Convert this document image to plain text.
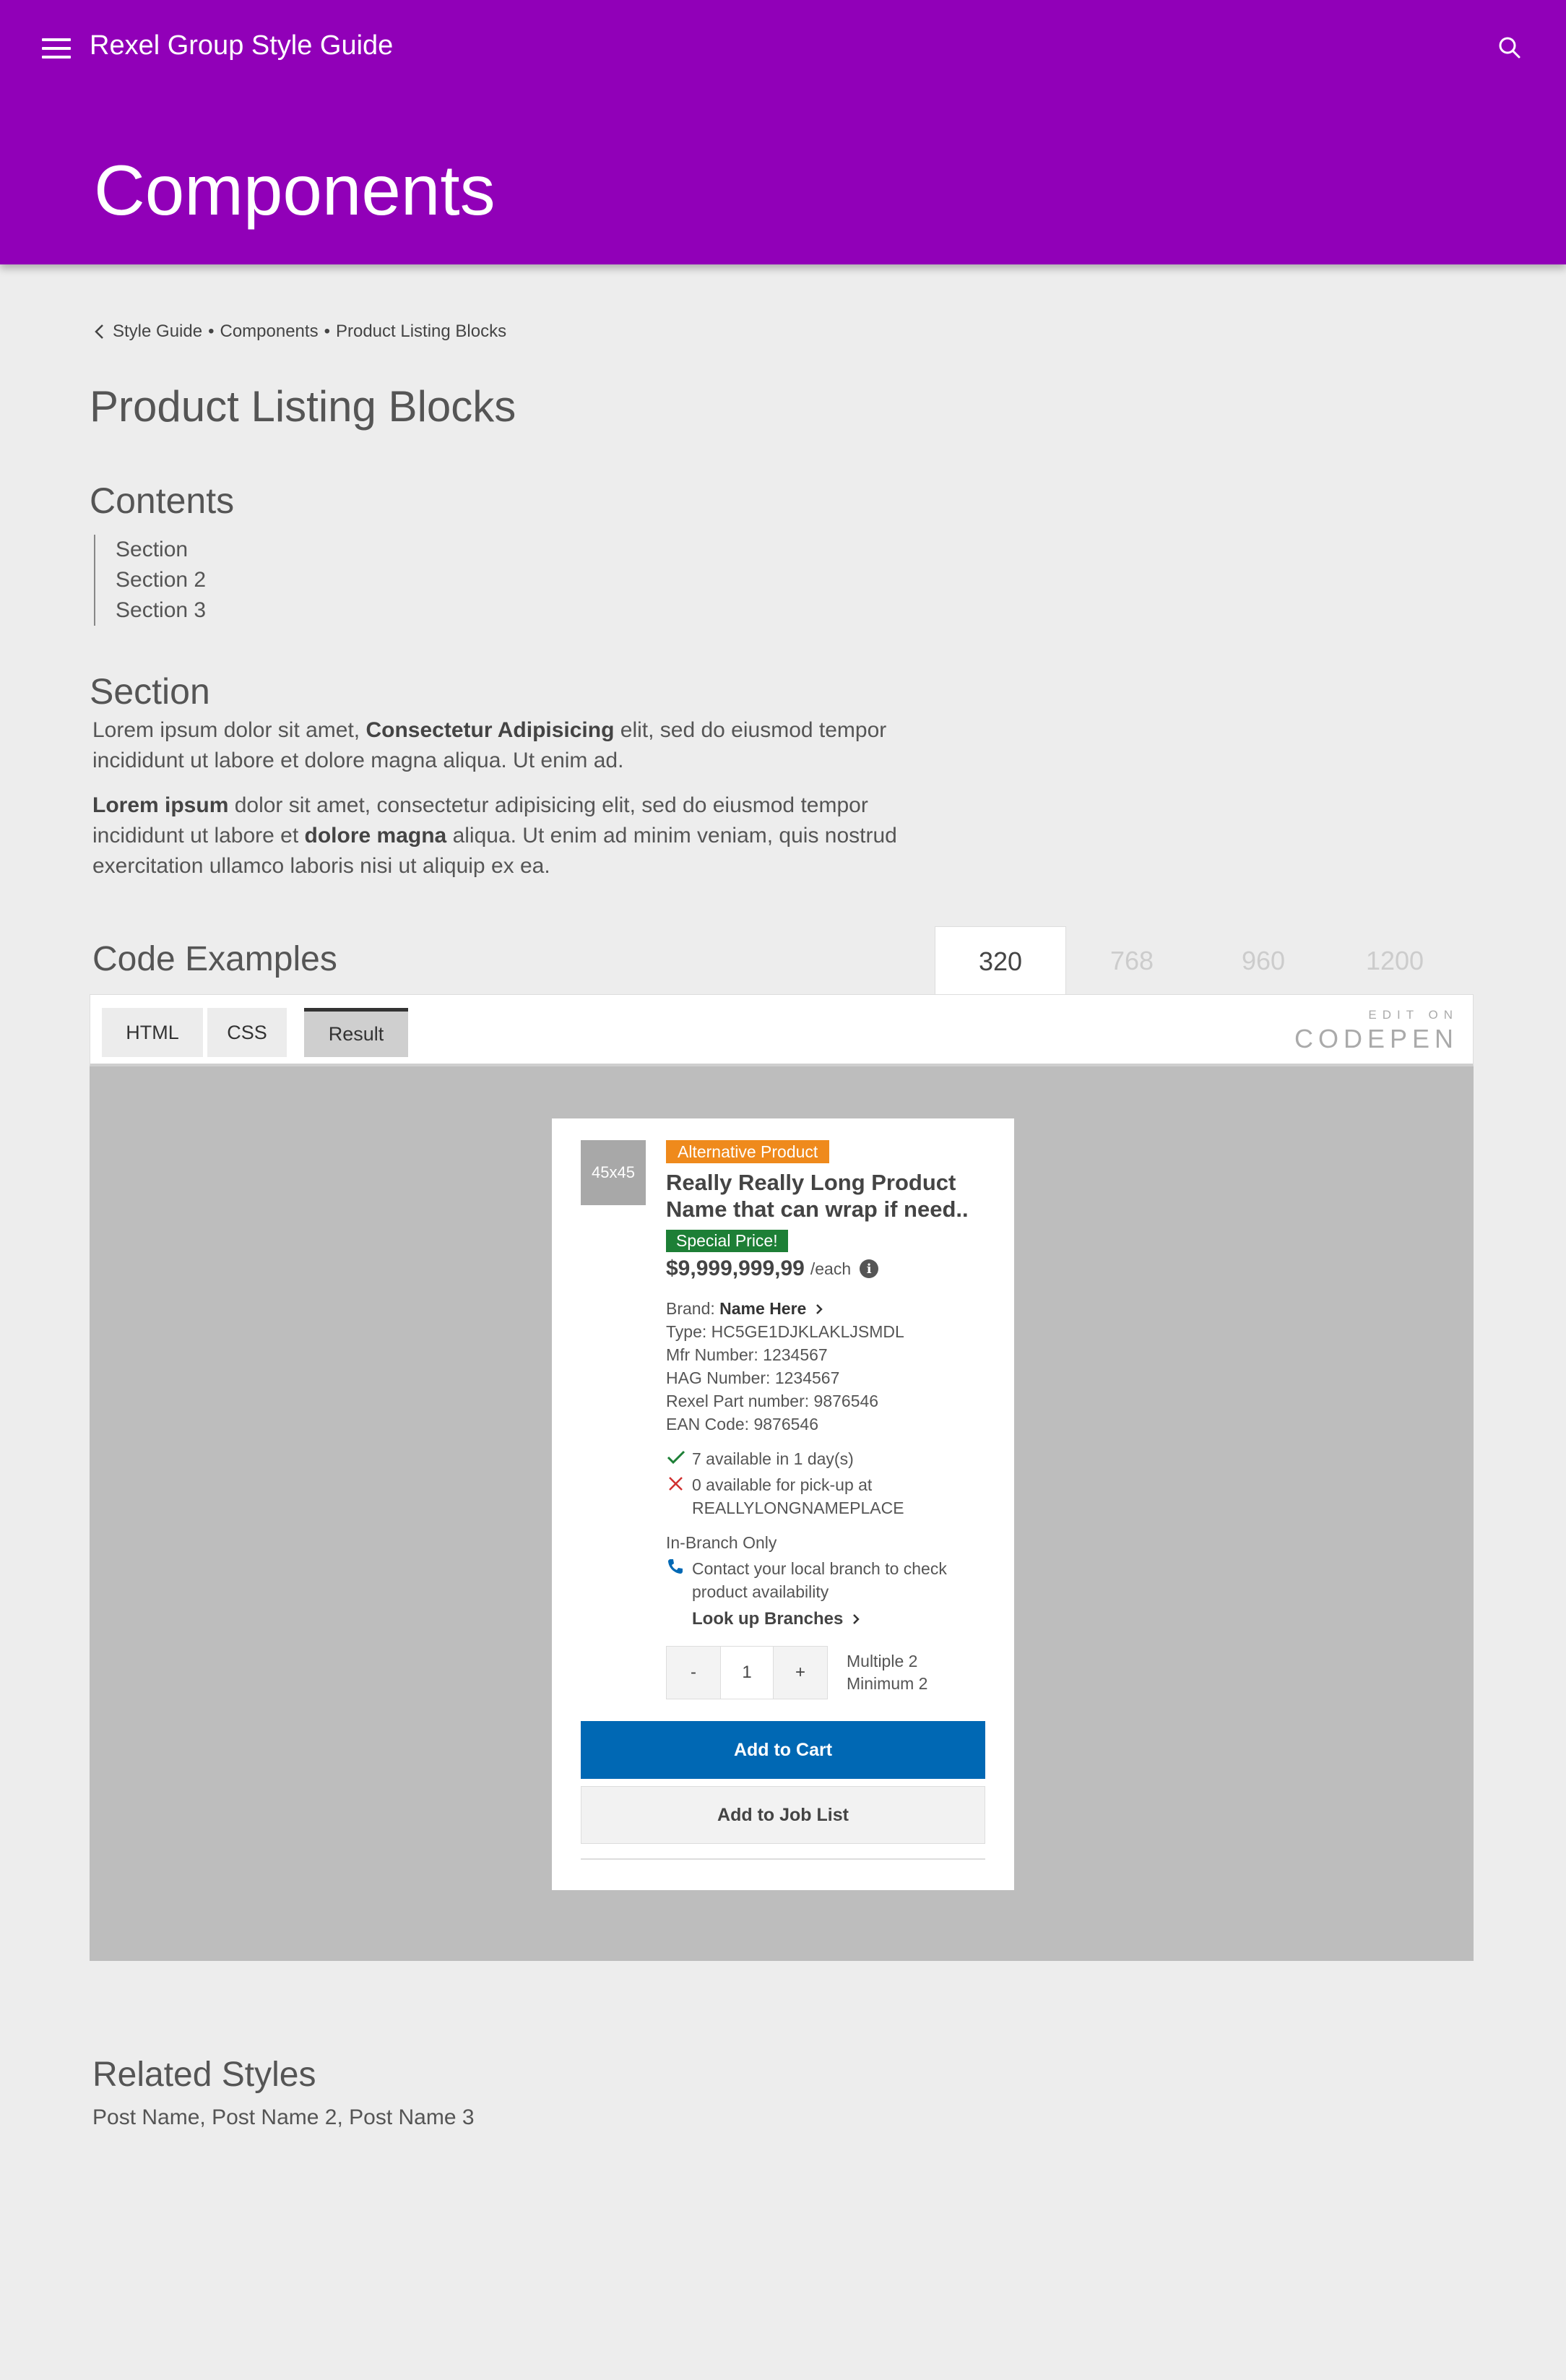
Rexel Group Style Guide
Components
Style Guide • Components • Product Listing Blocks
Product Listing Blocks
Contents
Section
Section 2
Section 3
Section
Lorem ipsum dolor sit amet, Consectetur Adipisicing elit, sed do eiusmod tempor incididunt ut labore et dolore magna aliqua. Ut enim ad.
Lorem ipsum dolor sit amet, consectetur adipisicing elit, sed do eiusmod tempor incididunt ut labore et dolore magna aliqua. Ut enim ad minim veniam, quis nostrud exercitation ullamco laboris nisi ut aliquip ex ea.
Code Examples	320	768	960	1200
HTML	CSS	Result
EDIT ON
CODEPEN
45x45
Alternative Product
Really Really Long Product Name that can wrap if need..
Special Price!
$9,999,999,99 /each	i
Brand: Name Here
Type: HC5GE1DJKLAKLJSMDL
Mfr Number: 1234567
HAG Number: 1234567
Rexel Part number: 9876546
EAN Code: 9876546
7 available in 1 day(s)
0 available for pick-up at REALLYLONGNAMEPLACE
In-Branch Only
Contact your local branch to check product availability
Look up Branches
-	1	+
Multiple 2
Minimum 2
Add to Cart
Add to Job List
Related Styles
Post Name, Post Name 2, Post Name 3
